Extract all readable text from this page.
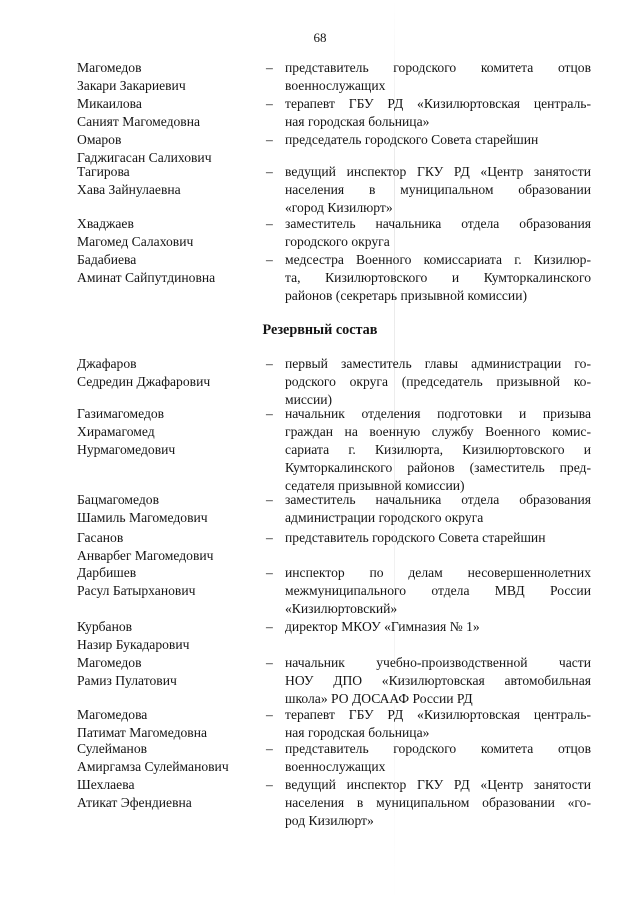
68
Резервный состав
Магомедов
Закари Закариевич
– представитель городского комитета отцов
военнослужащих
Микаилова
Саният Магомедовна
– терапевт ГБУ РД «Кизилюртовская централь-
ная городская больница»
Омаров
Гаджигасан Салихович
– председатель городского Совета старейшин
Тагирова
Хава Зайнулаевна
– ведущий инспектор ГКУ РД «Центр занятости
населения в муниципальном образовании
«город Кизилюрт»
Хваджаев
Магомед Салахович
– заместитель начальника отдела образования
городского округа
Бадабиева
Аминат Сайпутдиновна
– медсестра Военного комиссариата г. Кизилюр-
та, Кизилюртовского и Кумторкалинского
районов (секретарь призывной комиссии)
Джафаров
Седредин Джафарович
– первый заместитель главы администрации го-
родского округа (председатель призывной ко-
миссии)
Газимагомедов
Хирамагомед
Нурмагомедович
– начальник отделения подготовки и призыва
граждан на военную службу Военного комис-
сариата г. Кизилюрта, Кизилюртовского и
Кумторкалинского районов (заместитель пред-
седателя призывной комиссии)
Бацмагомедов
Шамиль Магомедович
– заместитель начальника отдела образования
администрации городского округа
Гасанов
Анварбег Магомедович
– представитель городского Совета старейшин
Дарбишев
Расул Батырханович
– инспектор по делам несовершеннолетних
межмуниципального отдела МВД России
«Кизилюртовский»
Курбанов
Назир Букадарович
– директор МКОУ «Гимназия № 1»
Магомедов
Рамиз Пулатович
– начальник учебно-производственной части
НОУ ДПО «Кизилюртовская автомобильная
школа» РО ДОСААФ России РД
Магомедова
Патимат Магомедовна
– терапевт ГБУ РД «Кизилюртовская централь-
ная городская больница»
Сулейманов
Амиргамза Сулейманович
– представитель городского комитета отцов
военнослужащих
Шехлаева
Атикат Эфендиевна
– ведущий инспектор ГКУ РД «Центр занятости
населения в муниципальном образовании «го-
род Кизилюрт»
